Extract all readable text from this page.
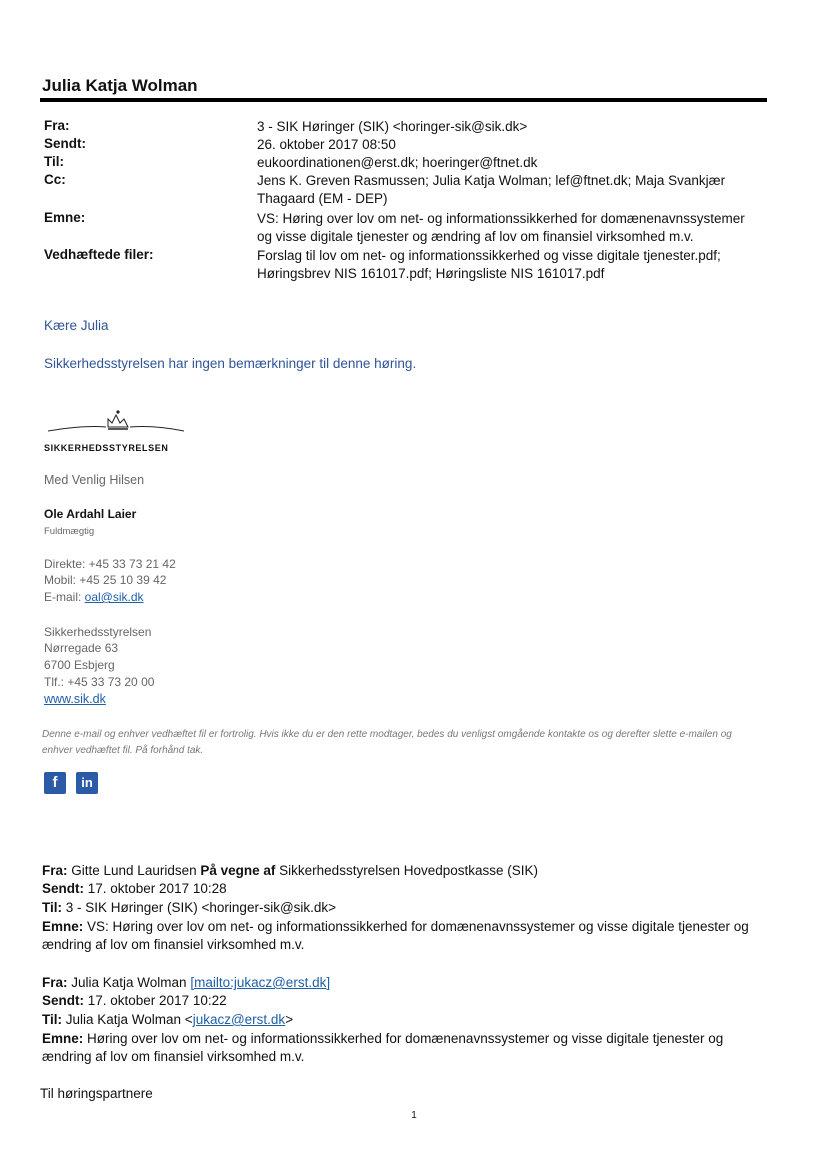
Julia Katja Wolman
Fra:	3 - SIK Høringer (SIK) <horinger-sik@sik.dk>
Sendt:	26. oktober 2017 08:50
Til:	eukoordinationen@erst.dk; hoeringer@ftnet.dk
Cc:	Jens K. Greven Rasmussen; Julia Katja Wolman; lef@ftnet.dk; Maja Svankjær Thagaard (EM - DEP)
Emne:	VS: Høring over lov om net- og informationssikkerhed for domænenavnssystemer og visse digitale tjenester og ændring af lov om finansiel virksomhed m.v.
Vedhæftede filer:	Forslag til lov om net- og informationssikkerhed og visse digitale tjenester.pdf; Høringsbrev NIS 161017.pdf; Høringsliste NIS 161017.pdf
Kære Julia
Sikkerhedsstyrelsen har ingen bemærkninger til denne høring.
SIKKERHEDSSTYRELSEN
Med Venlig Hilsen
Ole Ardahl Laier
Fuldmægtig
Direkte: +45 33 73 21 42
Mobil: +45 25 10 39 42
E-mail: oal@sik.dk
Sikkerhedsstyrelsen
Nørregade 63
6700 Esbjerg
Tlf.: +45 33 73 20 00
www.sik.dk
Denne e-mail og enhver vedhæftet fil er fortrolig. Hvis ikke du er den rette modtager, bedes du venligst omgående kontakte os og derefter slette e-mailen og enhver vedhæftet fil. På forhånd tak.
f	in
Fra: Gitte Lund Lauridsen På vegne af Sikkerhedsstyrelsen Hovedpostkasse (SIK)
Sendt: 17. oktober 2017 10:28
Til: 3 - SIK Høringer (SIK) <horinger-sik@sik.dk>
Emne: VS: Høring over lov om net- og informationssikkerhed for domænenavnssystemer og visse digitale tjenester og ændring af lov om finansiel virksomhed m.v.
Fra: Julia Katja Wolman [mailto:jukacz@erst.dk]
Sendt: 17. oktober 2017 10:22
Til: Julia Katja Wolman <jukacz@erst.dk>
Emne: Høring over lov om net- og informationssikkerhed for domænenavnssystemer og visse digitale tjenester og ændring af lov om finansiel virksomhed m.v.
Til høringspartnere
1
